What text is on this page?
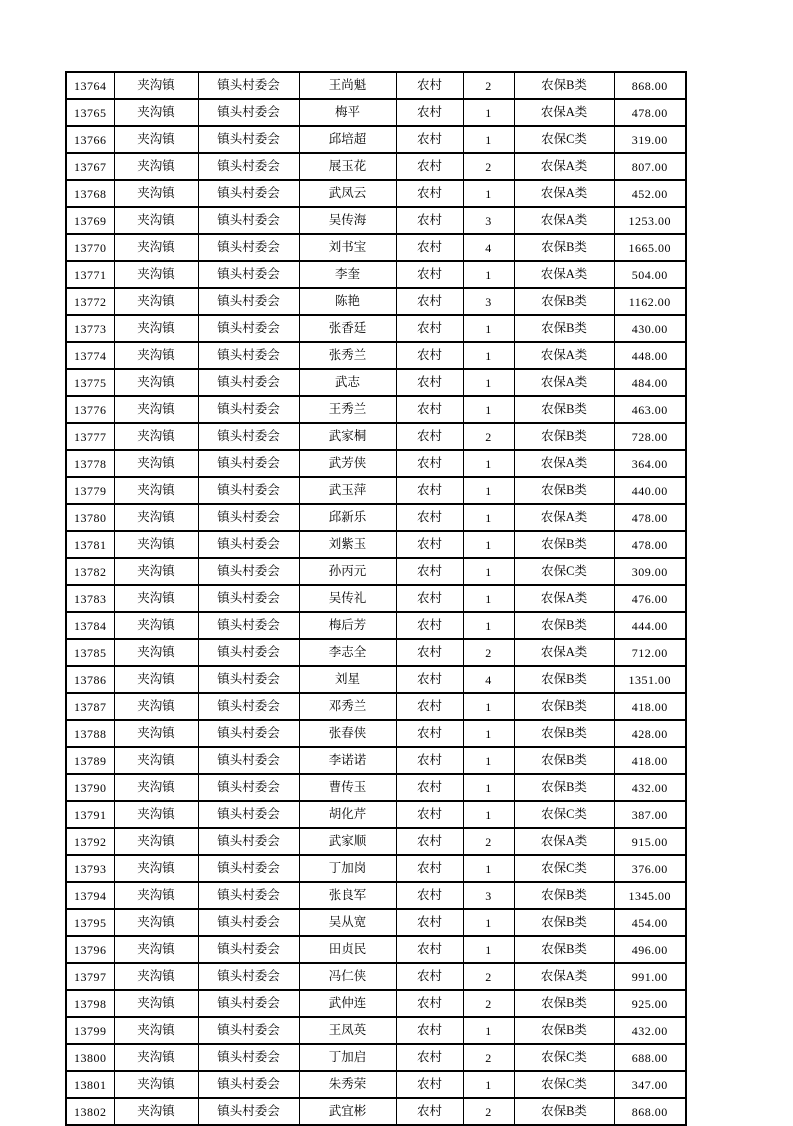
13764	夹沟镇	镇头村委会	王尚魁	农村	2	农保B类	868.00
13765	夹沟镇	镇头村委会	梅平	农村	1	农保A类	478.00
13766	夹沟镇	镇头村委会	邱培超	农村	1	农保C类	319.00
13767	夹沟镇	镇头村委会	展玉花	农村	2	农保A类	807.00
13768	夹沟镇	镇头村委会	武凤云	农村	1	农保A类	452.00
13769	夹沟镇	镇头村委会	吴传海	农村	3	农保A类	1253.00
13770	夹沟镇	镇头村委会	刘书宝	农村	4	农保B类	1665.00
13771	夹沟镇	镇头村委会	李奎	农村	1	农保A类	504.00
13772	夹沟镇	镇头村委会	陈艳	农村	3	农保B类	1162.00
13773	夹沟镇	镇头村委会	张香廷	农村	1	农保B类	430.00
13774	夹沟镇	镇头村委会	张秀兰	农村	1	农保A类	448.00
13775	夹沟镇	镇头村委会	武志	农村	1	农保A类	484.00
13776	夹沟镇	镇头村委会	王秀兰	农村	1	农保B类	463.00
13777	夹沟镇	镇头村委会	武家桐	农村	2	农保B类	728.00
13778	夹沟镇	镇头村委会	武芳侠	农村	1	农保A类	364.00
13779	夹沟镇	镇头村委会	武玉萍	农村	1	农保B类	440.00
13780	夹沟镇	镇头村委会	邱新乐	农村	1	农保A类	478.00
13781	夹沟镇	镇头村委会	刘紫玉	农村	1	农保B类	478.00
13782	夹沟镇	镇头村委会	孙丙元	农村	1	农保C类	309.00
13783	夹沟镇	镇头村委会	吴传礼	农村	1	农保A类	476.00
13784	夹沟镇	镇头村委会	梅后芳	农村	1	农保B类	444.00
13785	夹沟镇	镇头村委会	李志全	农村	2	农保A类	712.00
13786	夹沟镇	镇头村委会	刘星	农村	4	农保B类	1351.00
13787	夹沟镇	镇头村委会	邓秀兰	农村	1	农保B类	418.00
13788	夹沟镇	镇头村委会	张春侠	农村	1	农保B类	428.00
13789	夹沟镇	镇头村委会	李诺诺	农村	1	农保B类	418.00
13790	夹沟镇	镇头村委会	曹传玉	农村	1	农保B类	432.00
13791	夹沟镇	镇头村委会	胡化芹	农村	1	农保C类	387.00
13792	夹沟镇	镇头村委会	武家顺	农村	2	农保A类	915.00
13793	夹沟镇	镇头村委会	丁加岗	农村	1	农保C类	376.00
13794	夹沟镇	镇头村委会	张良军	农村	3	农保B类	1345.00
13795	夹沟镇	镇头村委会	吴从宽	农村	1	农保B类	454.00
13796	夹沟镇	镇头村委会	田贞民	农村	1	农保B类	496.00
13797	夹沟镇	镇头村委会	冯仁侠	农村	2	农保A类	991.00
13798	夹沟镇	镇头村委会	武仲连	农村	2	农保B类	925.00
13799	夹沟镇	镇头村委会	王凤英	农村	1	农保B类	432.00
13800	夹沟镇	镇头村委会	丁加启	农村	2	农保C类	688.00
13801	夹沟镇	镇头村委会	朱秀荣	农村	1	农保C类	347.00
13802	夹沟镇	镇头村委会	武宜彬	农村	2	农保B类	868.00
